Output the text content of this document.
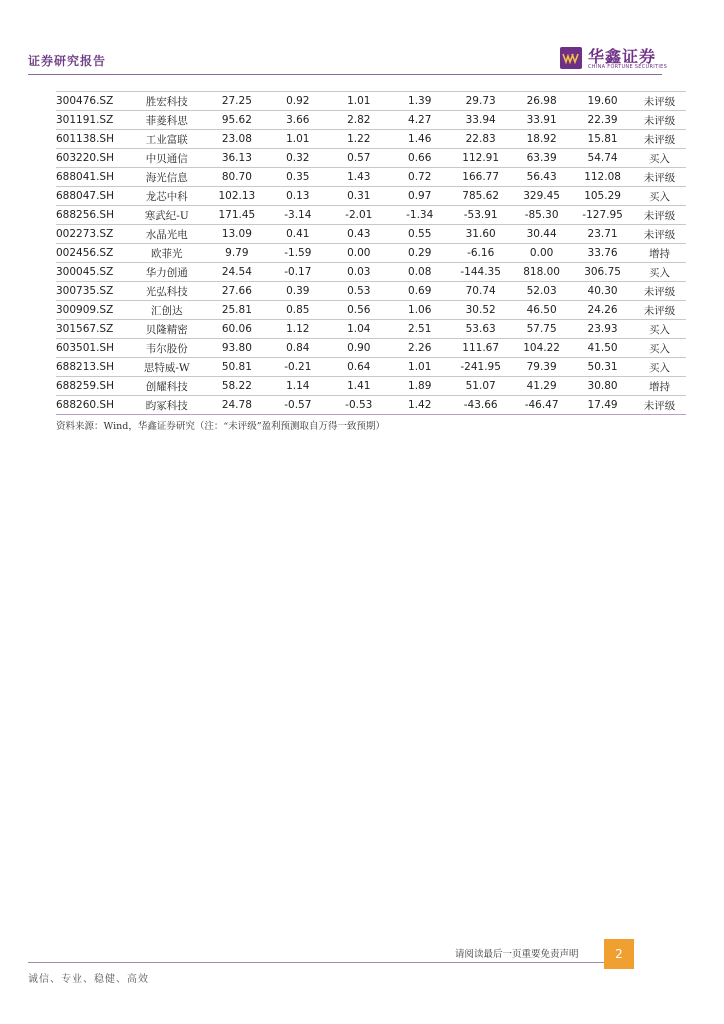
证券研究报告	华鑫证券
CHINA FORTUNE SECURITIES
300476.SZ	胜宏科技	27.25	0.92	1.01	1.39	29.73	26.98	19.60	未评级
301191.SZ	菲菱科思	95.62	3.66	2.82	4.27	33.94	33.91	22.39	未评级
601138.SH	工业富联	23.08	1.01	1.22	1.46	22.83	18.92	15.81	未评级
603220.SH	中贝通信	36.13	0.32	0.57	0.66	112.91	63.39	54.74	买入
688041.SH	海光信息	80.70	0.35	1.43	0.72	166.77	56.43	112.08	未评级
688047.SH	龙芯中科	102.13	0.13	0.31	0.97	785.62	329.45	105.29	买入
688256.SH	寒武纪-U	171.45	-3.14	-2.01	-1.34	-53.91	-85.30	-127.95	未评级
002273.SZ	水晶光电	13.09	0.41	0.43	0.55	31.60	30.44	23.71	未评级
002456.SZ	欧菲光	9.79	-1.59	0.00	0.29	-6.16	0.00	33.76	增持
300045.SZ	华力创通	24.54	-0.17	0.03	0.08	-144.35	818.00	306.75	买入
300735.SZ	光弘科技	27.66	0.39	0.53	0.69	70.74	52.03	40.30	未评级
300909.SZ	汇创达	25.81	0.85	0.56	1.06	30.52	46.50	24.26	未评级
301567.SZ	贝隆精密	60.06	1.12	1.04	2.51	53.63	57.75	23.93	买入
603501.SH	韦尔股份	93.80	0.84	0.90	2.26	111.67	104.22	41.50	买入
688213.SH	思特威-W	50.81	-0.21	0.64	1.01	-241.95	79.39	50.31	买入
688259.SH	创耀科技	58.22	1.14	1.41	1.89	51.07	41.29	30.80	增持
688260.SH	昀冢科技	24.78	-0.57	-0.53	1.42	-43.66	-46.47	17.49	未评级
资料来源：Wind，华鑫证券研究（注：“未评级”盈利预测取自万得一致预期）
请阅读最后一页重要免责声明	2
诚信、专业、稳健、高效
